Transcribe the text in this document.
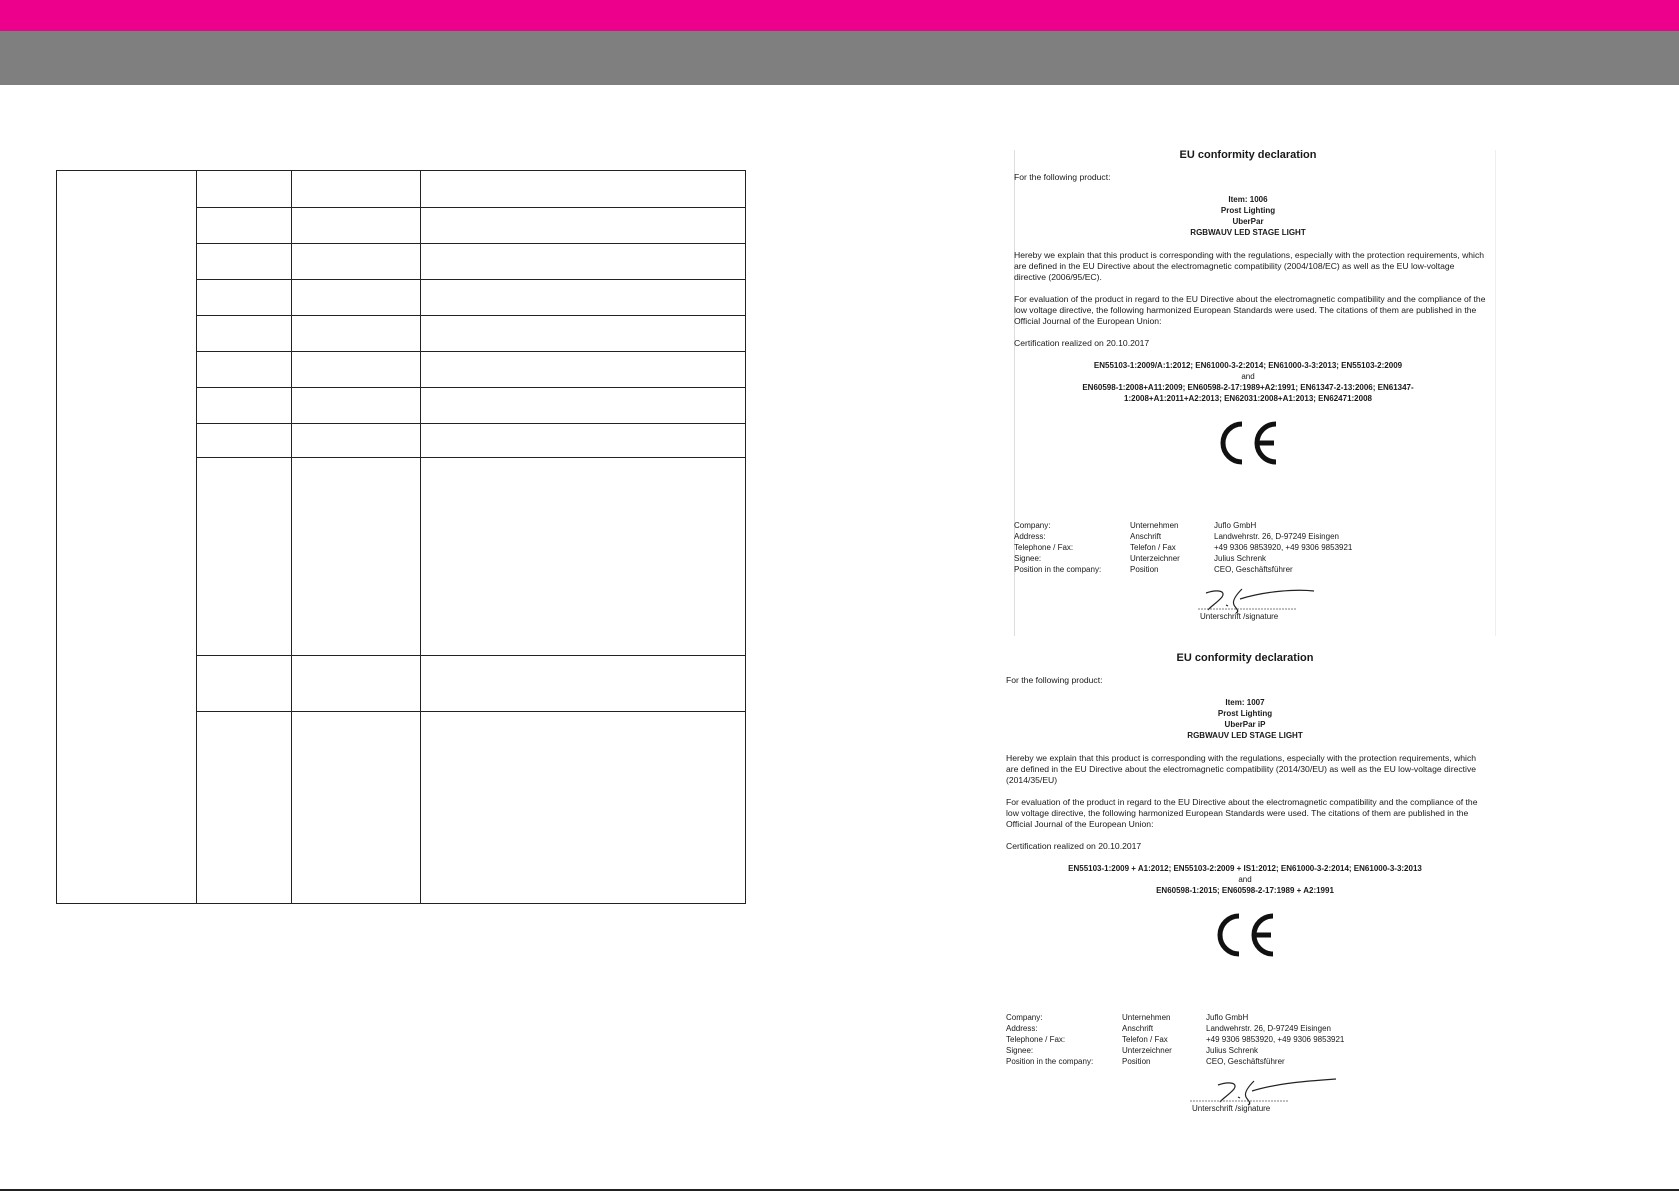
EU conformity declaration
For the following product:
Item: 1006
Prost Lighting
UberPar
RGBWAUV LED STAGE LIGHT
Hereby we explain that this product is corresponding with the regulations, especially with the protection requirements, which are defined in the EU Directive about the electromagnetic compatibility (2004/108/EC) as well as the EU low-voltage directive (2006/95/EC).
For evaluation of the product in regard to the EU Directive about the electromagnetic compatibility and the compliance of the low voltage directive, the following harmonized European Standards were used. The citations of them are published in the Official Journal of the European Union:
Certification realized on 20.10.2017
EN55103-1:2009/A:1:2012; EN61000-3-2:2014; EN61000-3-3:2013; EN55103-2:2009
and
EN60598-1:2008+A11:2009; EN60598-2-17:1989+A2:1991; EN61347-2-13:2006; EN61347-1:2008+A1:2011+A2:2013; EN62031:2008+A1:2013; EN62471:2008
Company:
Address:
Telephone / Fax:
Signee:
Position in the company:
Unternehmen
Anschrift
Telefon / Fax
Unterzeichner
Position
Juflo GmbH
Landwehrstr. 26, D-97249 Eisingen
+49 9306 9853920, +49 9306 9853921
Julius Schrenk
CEO, Geschäftsführer
Unterschrift /signature
EU conformity declaration
For the following product:
Item: 1007
Prost Lighting
UberPar iP
RGBWAUV LED STAGE LIGHT
Hereby we explain that this product is corresponding with the regulations, especially with the protection requirements, which are defined in the EU Directive about the electromagnetic compatibility (2014/30/EU) as well as the EU low-voltage directive (2014/35/EU)
For evaluation of the product in regard to the EU Directive about the electromagnetic compatibility and the compliance of the low voltage directive, the following harmonized European Standards were used. The citations of them are published in the Official Journal of the European Union:
Certification realized on 20.10.2017
EN55103-1:2009 + A1:2012; EN55103-2:2009 + IS1:2012; EN61000-3-2:2014; EN61000-3-3:2013
and
EN60598-1:2015; EN60598-2-17:1989 + A2:1991
Company:
Address:
Telephone / Fax:
Signee:
Position in the company:
Unternehmen
Anschrift
Telefon / Fax
Unterzeichner
Position
Juflo GmbH
Landwehrstr. 26, D-97249 Eisingen
+49 9306 9853920, +49 9306 9853921
Julius Schrenk
CEO, Geschäftsführer
Unterschrift /signature
